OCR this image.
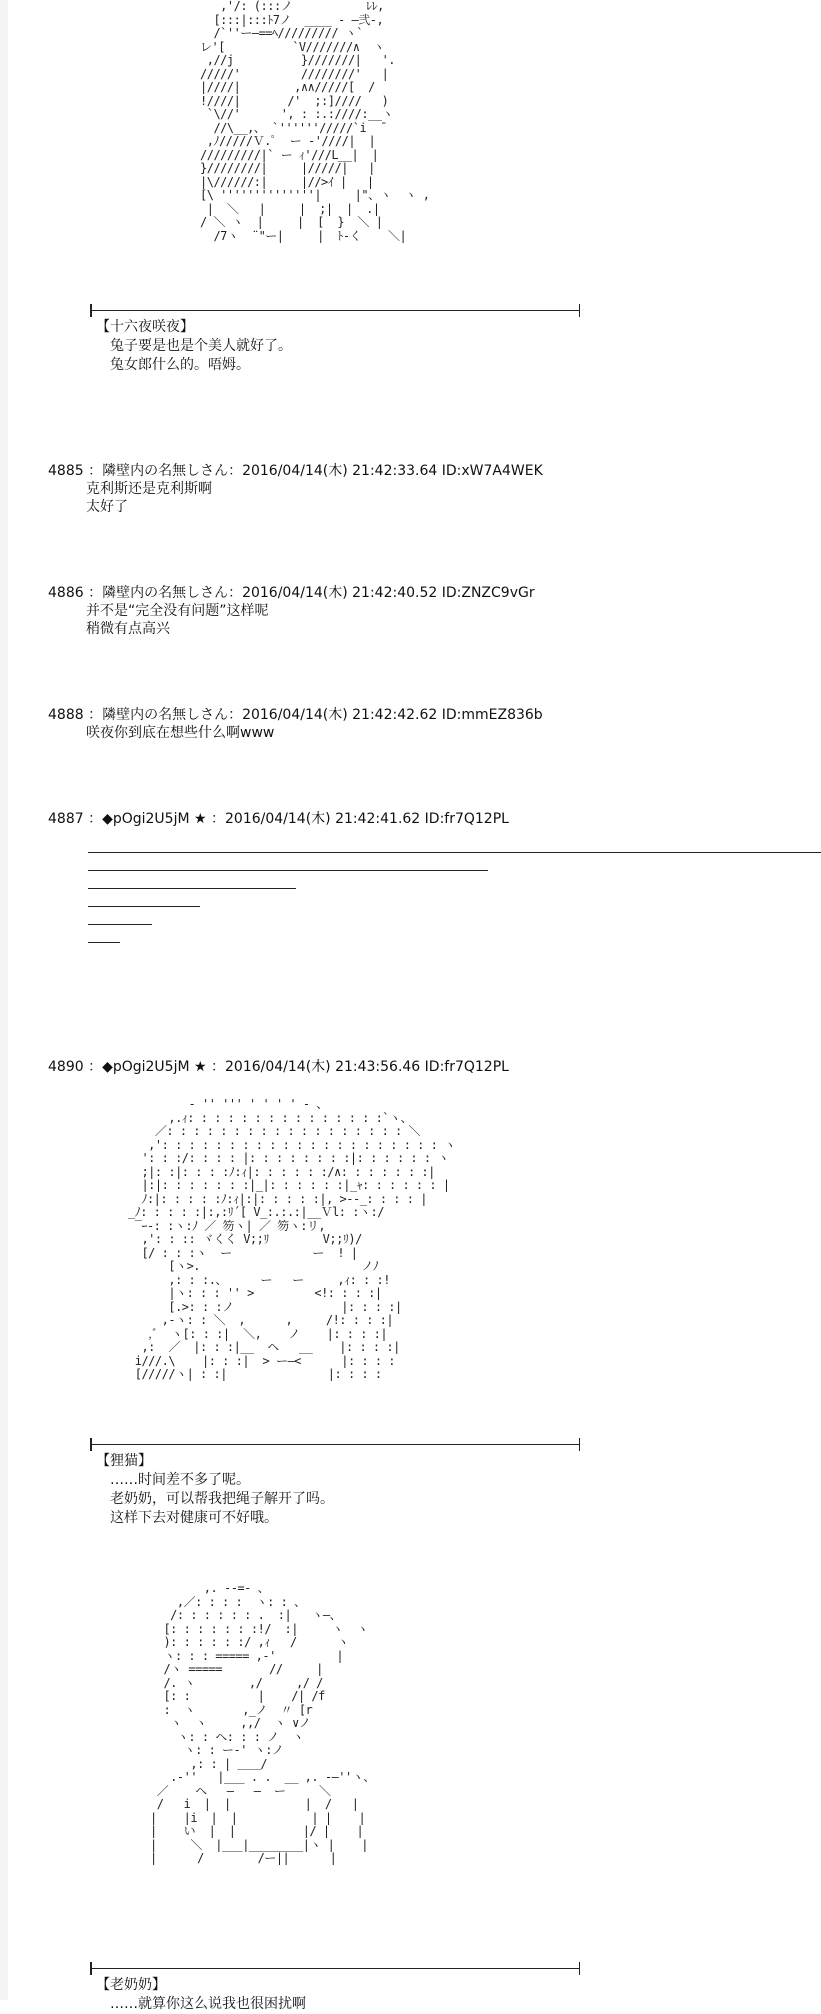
,'/: (:::ノ           ﾚﾚ,
[:::|:::ﾄ7ノ  ____ - ―弐-,
/`''ー―==ﾍ///////// ヽ`
レ'[          `V///////∧  ヽ
,//j          }///////|   '.
/////'         ////////'   |
|////|        ,∧∧/////[  /
!////|       /'  ;:]////   )
`\//'      ', : :.:////:__ヽ
//\__,、 `''''''/////`i  ̄
,ﾉ/////Ｖ.ﾟ  ー -'////|  |
/////////|` ー ｨ'///L__|  |
}////////|     |/////|   |
|\//////:|     |//>ｲ |   |
[\ ''''''''''''''|     |"、ヽ  ヽ ,
|  ＼   |     |  ;|  |  .|
/ ＼ ヽ  |     |  [  }  ＼ |
/7ヽ  ¨"ー|     |  ﾄ-く    ＼|
【十六夜咲夜】
兔子要是也是个美人就好了。
兔女郎什么的。唔姆。
4885 ：隣壁内の名無しさん：2016/04/14(木) 21:42:33.64 ID:xW7A4WEK
克利斯还是克利斯啊
太好了
4886 ：隣壁内の名無しさん：2016/04/14(木) 21:42:40.52 ID:ZNZC9vGr
并不是“完全没有问题”这样呢
稍微有点高兴
4888 ：隣壁内の名無しさん：2016/04/14(木) 21:42:42.62 ID:mmEZ836b
咲夜你到底在想些什么啊www
4887 ：◆pOgi2U5jM ★ ：2016/04/14(木) 21:42:41.62 ID:fr7Q12PL
4890 ：◆pOgi2U5jM ★ ：2016/04/14(木) 21:43:56.46 ID:fr7Q12PL
- '' ''' ' ' ' ' - 、
,.ｨ: : : : : : : : : : : : : : :`ヽ、
／: : : : : : : : : : : : : : : : : : ＼
,': : : : : : : : : : : : : : : : : : : : : ヽ
': : :/: : : : |: : : : : : : :|: : : : : : ヽ
;|: :|: : : :ﾉ:ｨ|: : : : : :/∧: : : : : : :|
|:|: : : : : : :|_|: : : : : :|_ｬ: : : : : : |
ﾉ:|: : : : :ﾉ:ｨ|:|: : : : :|, >‐-_: : : : |
_ﾉ: : : : :|:,:ﾘ´[ V_:.:.:|__Ｖl: :ヽ:/
‾ｰ-: :ヽ:ﾉ ／ 笏ヽ| ／ 笏ヽ:リ,
,': : :: ヾくく V;;ﾘ        V;;ﾘ)/
[/ : : :ヽ  ー            ー  ! |
[ヽ>.                        ノﾉ
,: : :.、     ー   ー     ,ｨ: : :!
|ヽ: : : '' >         <!: : : :|
[.>: : :ノ                |: : : :|
,-ヽ: : ＼  ,      ,     /!: : : :|
,ﾞ  ヽ[: : :|  ＼,    ノ    |: : : :|
,:  ／  |: : :|__  ヘ   __    |: : : :|
i///.\    |: : :|  > ー―<      |: : : :
[/////ヽ| : :|               |: : : :
【狸猫】
……时间差不多了呢。
老奶奶，可以帮我把绳子解开了吗。
这样下去对健康可不好哦。
,. --=- 、
,／: : : :  ヽ: : 、
/: : : : : : .  :|   ヽ―、
[: : : : : : :!/  :|     ヽ  ヽ
): : : : : :/ ,ｨ   /      ヽ
ヽ: : : ===== ,-'         |
/ヽ =====       //     |
/. ヽ        ,/     ,/ /
[: :          |    /| /f
:  ヽ       ,_ノ  〃 [r
ヽ  ヽ     ,,/  ヽ ∨ノ
ヽ: : ヘ: : : ノ  ヽ
ヽ: : ー‐' ヽ:ノ
,: : | ＿＿/
.-''   |___ . .  __ ,. -―''ヽ、
／    ヘ   ―   ―  ー     ＼
/   i  |  |           |  /   |
|    |i  |  |           | |    |
|    い  |  |          |/ |    |
|     ＼  |___|________|ヽ |    |
|      /        /ー||      |
【老奶奶】
……就算你这么说我也很困扰啊
